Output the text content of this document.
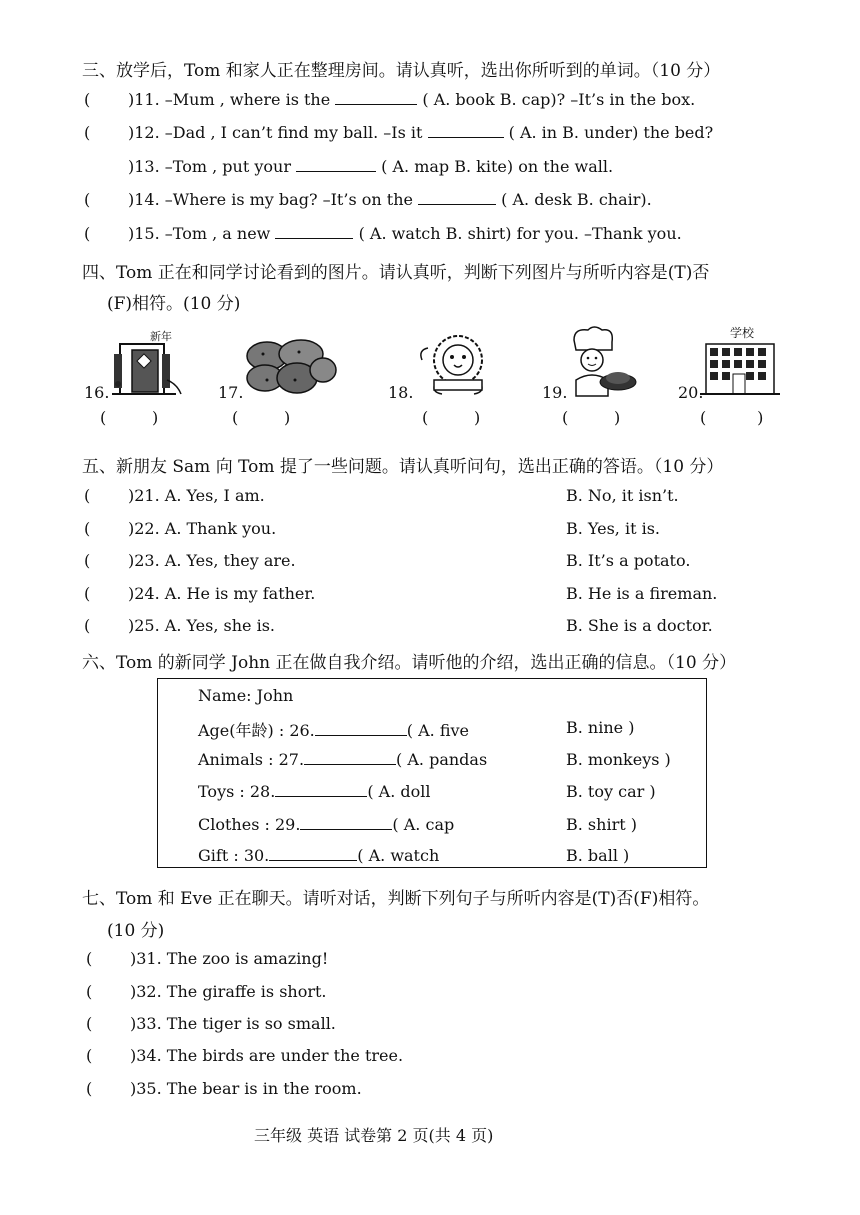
三、放学后，Tom 和家人正在整理房间。请认真听，选出你所听到的单词。（10 分）
( )11. –Mum , where is the	( A. book B. cap)? –It’s in the box.
( )12. –Dad , I can’t find my ball. –Is it	( A. in B. under) the bed?
)13. –Tom , put your	( A. map B. kite) on the wall.
( )14. –Where is my bag? –It’s on the	( A. desk B. chair).
( )15. –Tom , a new	( A. watch B. shirt) for you. –Thank you.
四、Tom 正在和同学讨论看到的图片。请认真听，判断下列图片与所听内容是(T)否
(F)相符。(10 分)
16.
新年
(         )
17.
(         )
18.
(         )
19.
(         )
20.
学校
(          )
五、新朋友 Sam 向 Tom 提了一些问题。请认真听问句，选出正确的答语。（10 分）
( )21. A. Yes, I am.	B. No, it isn’t.
( )22. A. Thank you.	B. Yes, it is.
( )23. A. Yes, they are.	B. It’s a potato.
( )24. A. He is my father.	B. He is a fireman.
( )25. A. Yes, she is.	B. She is a doctor.
六、Tom 的新同学 John 正在做自我介绍。请听他的介绍，选出正确的信息。（10 分）
Name: John
Age(年龄) : 26.	( A. five	B. nine )
Animals : 27.	( A. pandas	B. monkeys )
Toys : 28.	( A. doll	B. toy car )
Clothes : 29.	( A. cap	B. shirt )
Gift : 30.	( A. watch	B. ball )
七、Tom 和 Eve 正在聊天。请听对话，判断下列句子与所听内容是(T)否(F)相符。
(10 分)
( )31. The zoo is amazing!
( )32. The giraffe is short.
( )33. The tiger is so small.
( )34. The birds are under the tree.
( )35. The bear is in the room.
三年级 英语 试卷第 2 页(共 4 页)
